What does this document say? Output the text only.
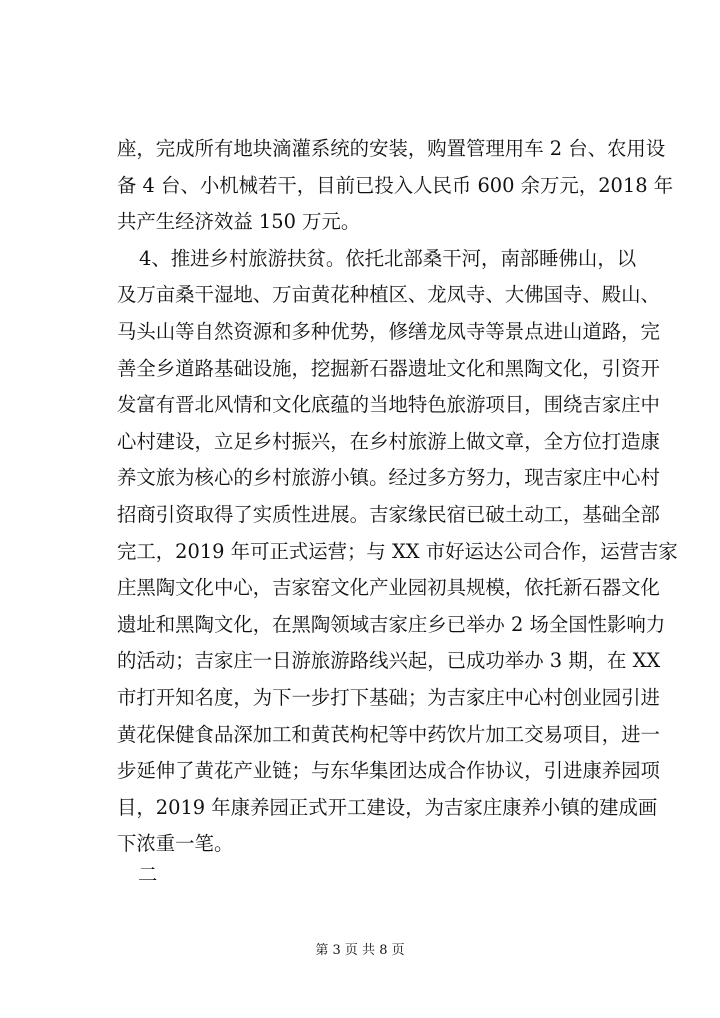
座，完成所有地块滴灌系统的安装，购置管理用车 2 台、农用设
备 4 台、小机械若干，目前已投入人民币 600 余万元，2018 年
共产生经济效益 150 万元。
4、推进乡村旅游扶贫。依托北部桑干河，南部睡佛山，以
及万亩桑干湿地、万亩黄花种植区、龙凤寺、大佛国寺、殿山、
马头山等自然资源和多种优势，修缮龙凤寺等景点进山道路，完
善全乡道路基础设施，挖掘新石器遗址文化和黑陶文化，引资开
发富有晋北风情和文化底蕴的当地特色旅游项目，围绕吉家庄中
心村建设，立足乡村振兴，在乡村旅游上做文章，全方位打造康
养文旅为核心的乡村旅游小镇。经过多方努力，现吉家庄中心村
招商引资取得了实质性进展。吉家缘民宿已破土动工，基础全部
完工，2019 年可正式运营；与 XX 市好运达公司合作，运营吉家
庄黑陶文化中心，吉家窑文化产业园初具规模，依托新石器文化
遗址和黑陶文化，在黑陶领域吉家庄乡已举办 2 场全国性影响力
的活动；吉家庄一日游旅游路线兴起，已成功举办 3 期，在 XX
市打开知名度，为下一步打下基础；为吉家庄中心村创业园引进
黄花保健食品深加工和黄芪枸杞等中药饮片加工交易项目，进一
步延伸了黄花产业链；与东华集团达成合作协议，引进康养园项
目，2019 年康养园正式开工建设，为吉家庄康养小镇的建成画
下浓重一笔。
二
第 3 页 共 8 页
